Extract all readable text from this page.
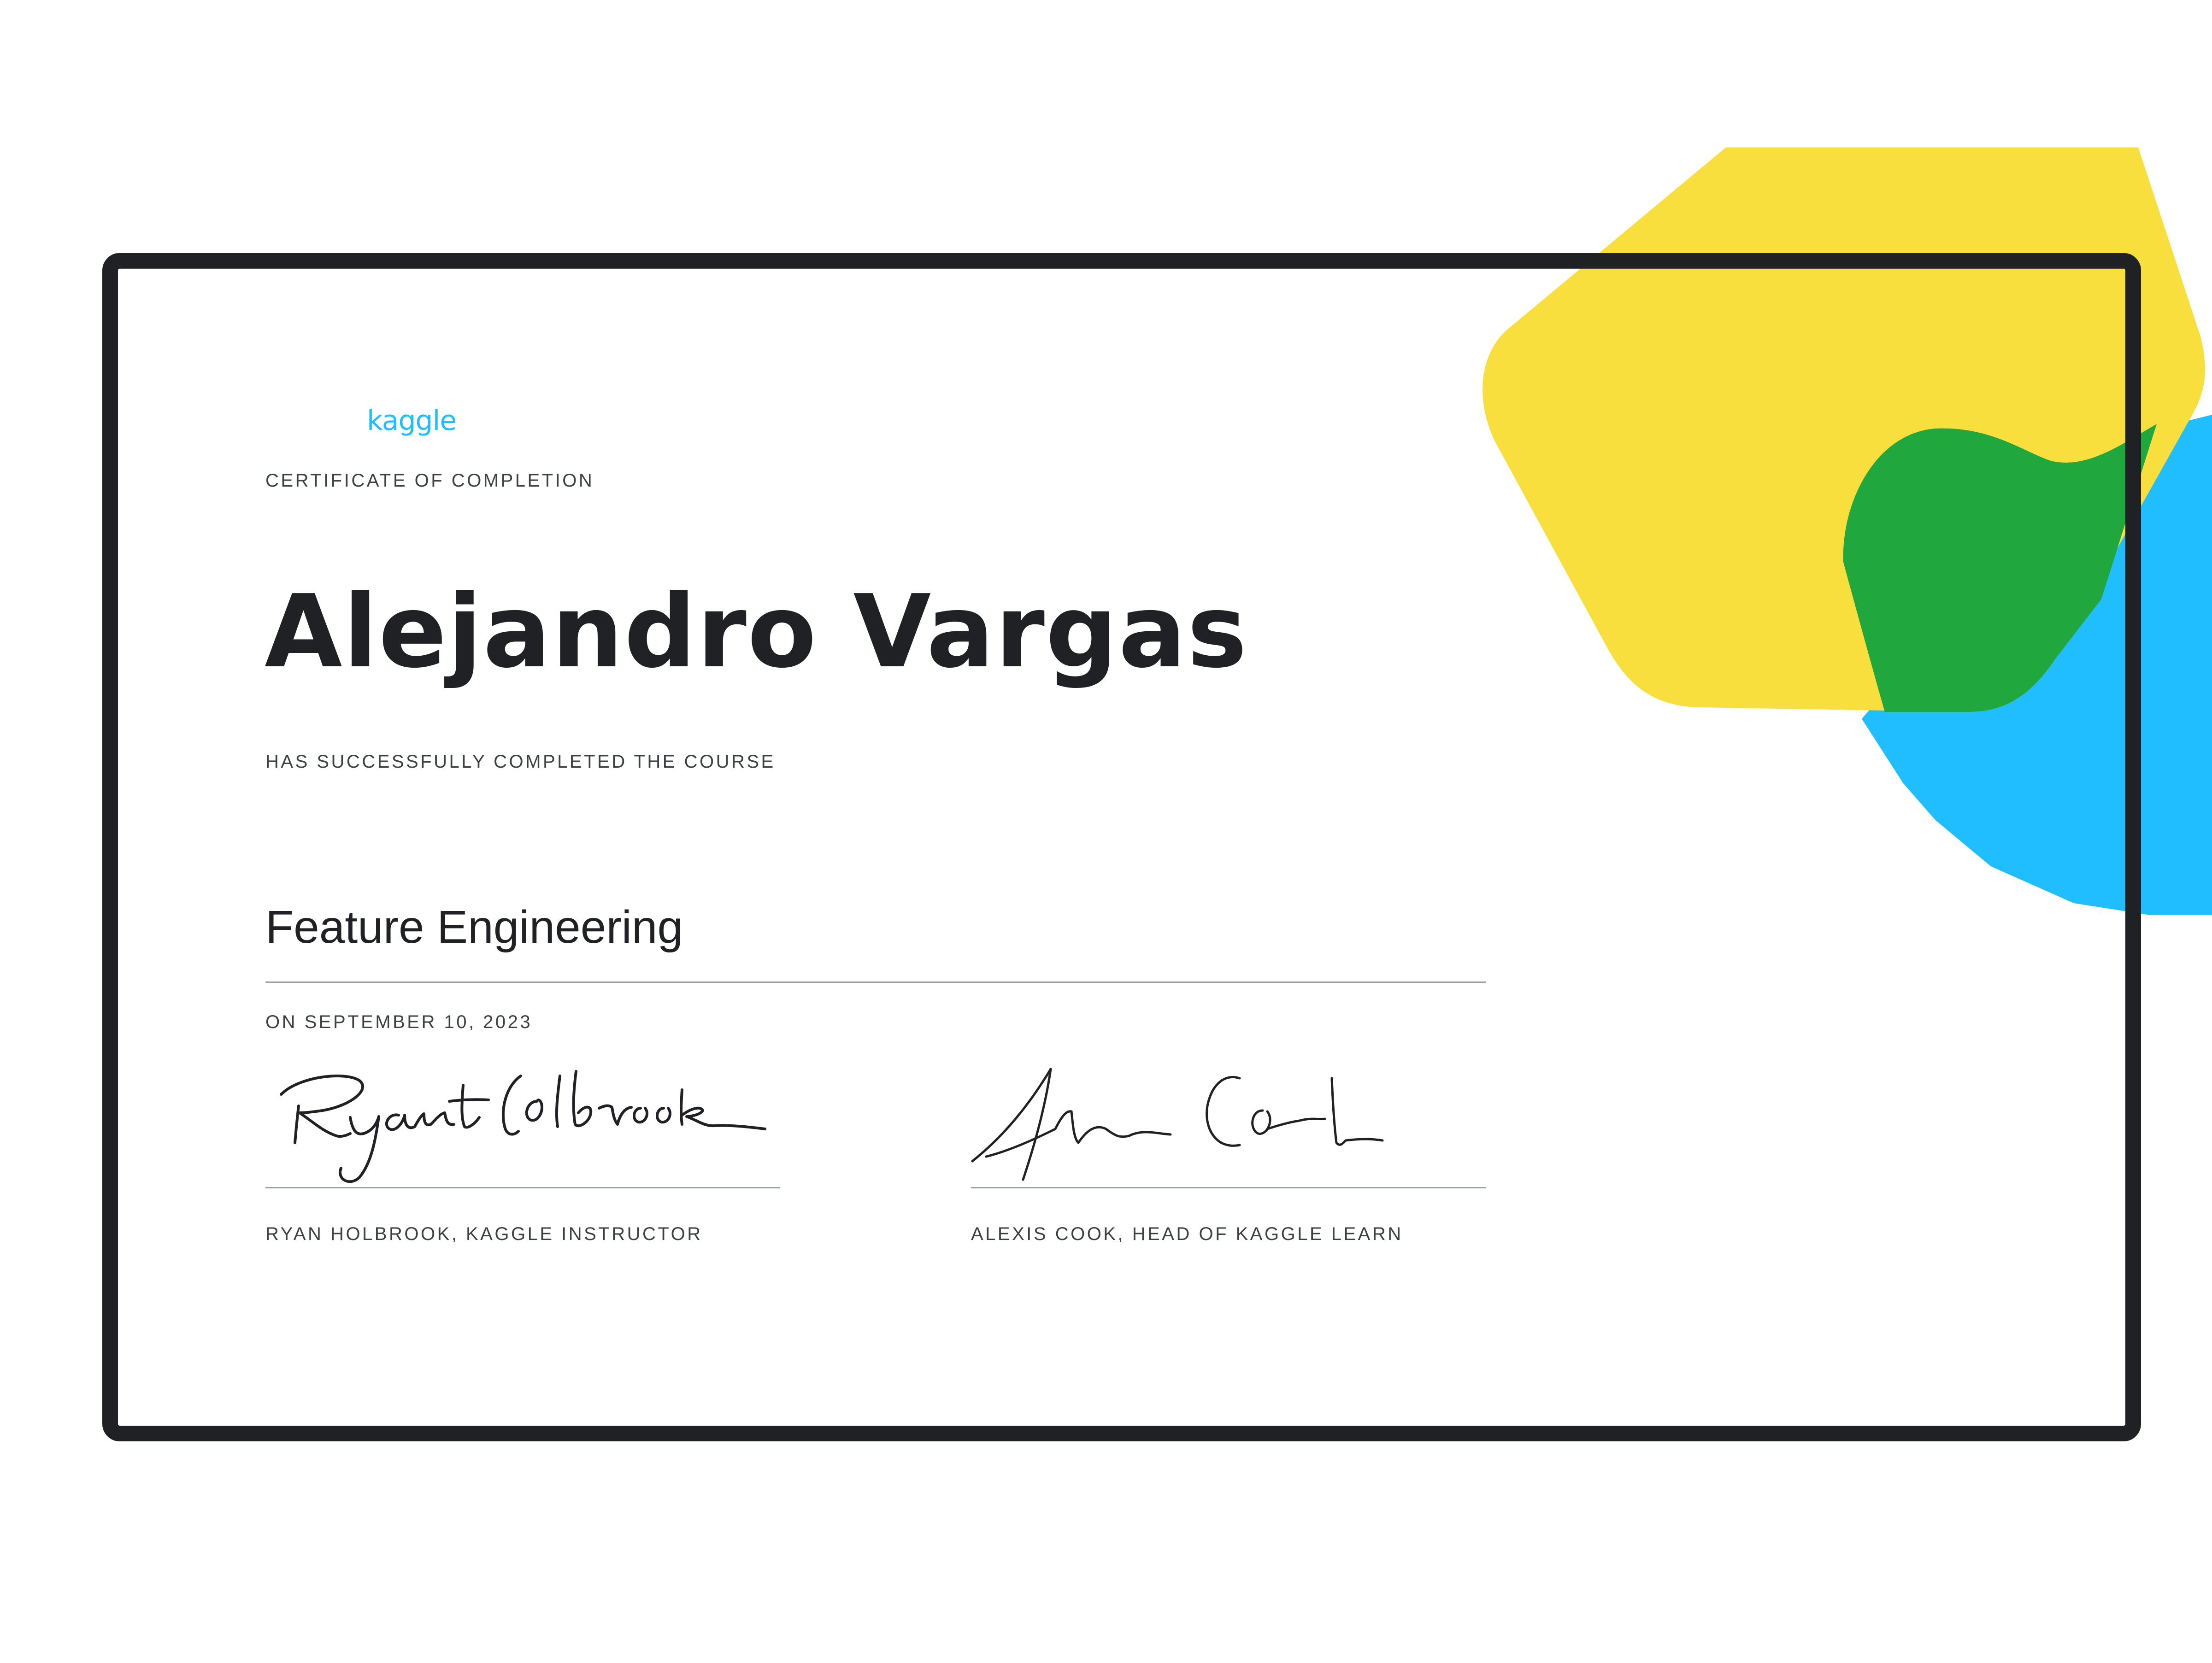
kaggle
CERTIFICATE OF COMPLETION
Alejandro Vargas
HAS SUCCESSFULLY COMPLETED THE COURSE
Feature Engineering
ON SEPTEMBER 10, 2023
RYAN HOLBROOK, KAGGLE INSTRUCTOR	ALEXIS COOK, HEAD OF KAGGLE LEARN
